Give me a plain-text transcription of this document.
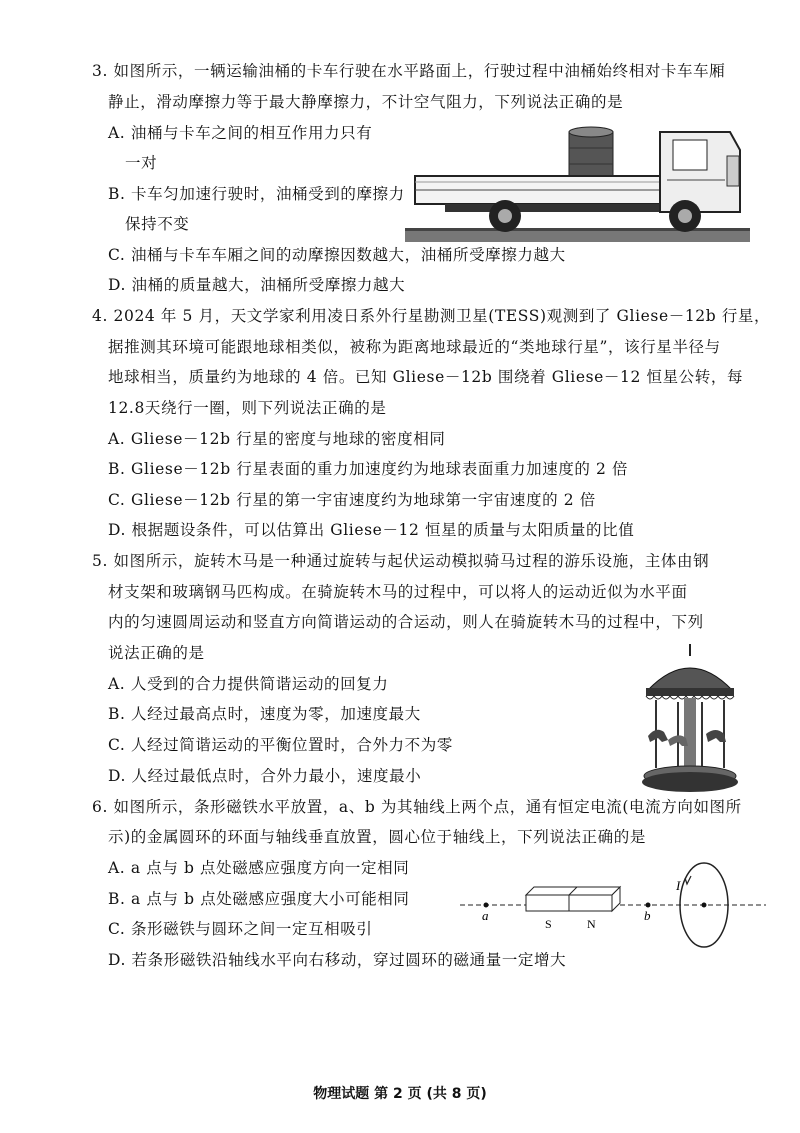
3. 如图所示，一辆运输油桶的卡车行驶在水平路面上，行驶过程中油桶始终相对卡车车厢
静止，滑动摩擦力等于最大静摩擦力，不计空气阻力，下列说法正确的是
A. 油桶与卡车之间的相互作用力只有
一对
B. 卡车匀加速行驶时，油桶受到的摩擦力
保持不变
C. 油桶与卡车车厢之间的动摩擦因数越大，油桶所受摩擦力越大
D. 油桶的质量越大，油桶所受摩擦力越大
4. 2024 年 5 月，天文学家利用凌日系外行星勘测卫星(TESS)观测到了 Gliese－12b 行星，
据推测其环境可能跟地球相类似，被称为距离地球最近的“类地球行星”，该行星半径与
地球相当，质量约为地球的 4 倍。已知 Gliese－12b 围绕着 Gliese－12 恒星公转，每
12.8天绕行一圈，则下列说法正确的是
A. Gliese－12b 行星的密度与地球的密度相同
B. Gliese－12b 行星表面的重力加速度约为地球表面重力加速度的 2 倍
C. Gliese－12b 行星的第一宇宙速度约为地球第一宇宙速度的 2 倍
D. 根据题设条件，可以估算出 Gliese－12 恒星的质量与太阳质量的比值
5. 如图所示，旋转木马是一种通过旋转与起伏运动模拟骑马过程的游乐设施，主体由钢
材支架和玻璃钢马匹构成。在骑旋转木马的过程中，可以将人的运动近似为水平面
内的匀速圆周运动和竖直方向简谐运动的合运动，则人在骑旋转木马的过程中，下列
说法正确的是
A. 人受到的合力提供简谐运动的回复力
B. 人经过最高点时，速度为零，加速度最大
C. 人经过简谐运动的平衡位置时，合外力不为零
D. 人经过最低点时，合外力最小，速度最小
6. 如图所示，条形磁铁水平放置，a、b 为其轴线上两个点，通有恒定电流(电流方向如图所
示)的金属圆环的环面与轴线垂直放置，圆心位于轴线上，下列说法正确的是
A. a 点与 b 点处磁感应强度方向一定相同
B. a 点与 b 点处磁感应强度大小可能相同
C. 条形磁铁与圆环之间一定互相吸引
D. 若条形磁铁沿轴线水平向右移动，穿过圆环的磁通量一定增大
a
S	N
b
I
物理试题 第 2 页 (共 8 页)
